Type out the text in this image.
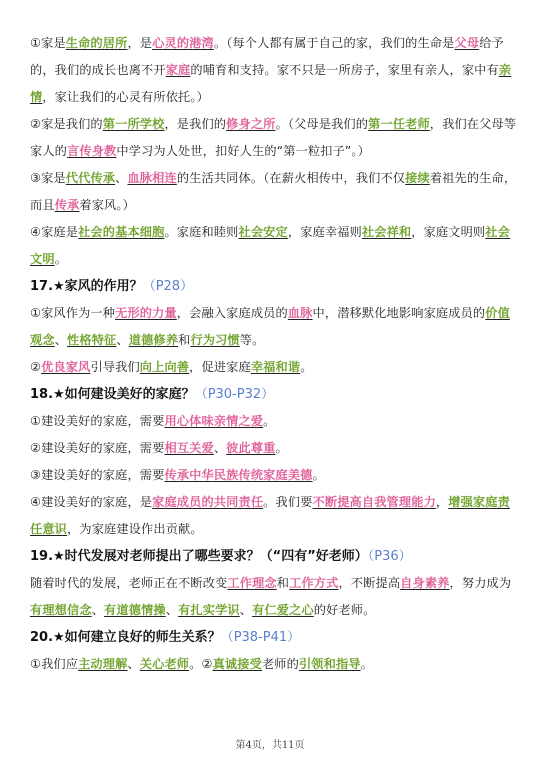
①家是生命的居所，是心灵的港湾。（每个人都有属于自己的家，我们的生命是父母给予的，我们的成长也离不开家庭的哺育和支持。家不只是一所房子，家里有亲人，家中有亲情，家让我们的心灵有所依托。）

②家是我们的第一所学校，是我们的修身之所。（父母是我们的第一任老师，我们在父母等家人的言传身教中学习为人处世，扣好人生的“第一粒扣子”。）

③家是代代传承、血脉相连的生活共同体。（在薪火相传中，我们不仅接续着祖先的生命，而且传承着家风。）

④家庭是社会的基本细胞。家庭和睦则社会安定，家庭幸福则社会祥和，家庭文明则社会文明。

17.★家风的作用？（P28）

①家风作为一种无形的力量，会融入家庭成员的血脉中，潜移默化地影响家庭成员的价值观念、性格特征、道德修养和行为习惯等。

②优良家风引导我们向上向善，促进家庭幸福和谐。

18.★如何建设美好的家庭？（P30-P32）

①建设美好的家庭，需要用心体味亲情之爱。

②建设美好的家庭，需要相互关爱、彼此尊重。

③建设美好的家庭，需要传承中华民族传统家庭美德。

④建设美好的家庭，是家庭成员的共同责任。我们要不断提高自我管理能力，增强家庭责任意识，为家庭建设作出贡献。

19.★时代发展对老师提出了哪些要求？（“四有”好老师）（P36）

随着时代的发展，老师正在不断改变工作理念和工作方式，不断提高自身素养，努力成为有理想信念、有道德情操、有扎实学识、有仁爱之心的好老师。

20.★如何建立良好的师生关系？（P38-P41）

①我们应主动理解、关心老师。②真诚接受老师的引领和指导。

第4页，共11页
